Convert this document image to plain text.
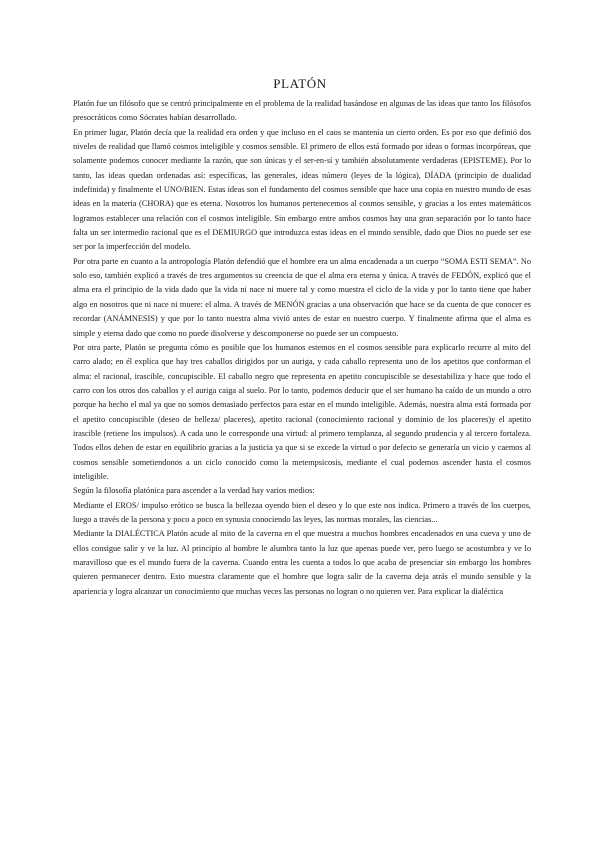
PLATÓN

Platón fue un filósofo que se centró principalmente en el problema de la realidad basándose en algunas de las ideas que tanto los filósofos presocráticos como Sócrates habían desarrollado.

En primer lugar, Platón decía que la realidad era orden y que incluso en el caos se mantenía un cierto orden. Es por eso que definió dos niveles de realidad que llamó cosmos inteligible y cosmos sensible. El primero de ellos está formado por ideas o formas incorpóreas, que solamente podemos conocer mediante la razón, que son únicas y el ser-en-sí y también absolutamente verdaderas (EPISTEME). Por lo tanto, las ideas quedan ordenadas así: específicas, las generales, ideas número (leyes de la lógica), DÍADA (principio de dualidad indefinida) y finalmente el UNO/BIEN. Estas ideas son el fundamento del cosmos sensible que hace una copia en nuestro mundo de esas ideas en la materia (CHORA) que es eterna. Nosotros los humanos pertenecemos al cosmos sensible, y gracias a los entes matemáticos logramos establecer una relación con el cosmos inteligible. Sin embargo entre ambos cosmos hay una gran separación por lo tanto hace falta un ser intermedio racional que es el DEMIURGO que introduzca estas ideas en el mundo sensible, dado que Dios no puede ser ese ser por la imperfección del modelo.

Por otra parte en cuanto a la antropología Platón defendió que el hombre era un alma encadenada a un cuerpo “SOMA ESTI SEMA”. No solo eso, también explicó a través de tres argumentos su creencia de que el alma era eterna y única. A través de FEDÓN, explicó que el alma era el principio de la vida dado que la vida ni nace ni muere tal y como muestra el ciclo de la vida y por lo tanto tiene que haber algo en nosotros que ni nace ni muere: el alma. A través de MENÓN gracias a una observación que hace se da cuenta de que conocer es recordar (ANÁMNESIS) y que por lo tanto nuestra alma vivió antes de estar en nuestro cuerpo. Y finalmente afirma que el alma es simple y eterna dado que como no puede disolverse y descomponerse no puede ser un compuesto.

Por otra parte, Platón se pregunta cómo es posible que los humanos estemos en el cosmos sensible para explicarlo recurre al mito del carro alado; en él explica que hay tres caballos dirigidos por un auriga, y cada caballo representa uno de los apetitos que conforman el alma: el racional, irascible, concupiscible. El caballo negro que representa en apetito concupiscible se desestabiliza y hace que todo el carro con los otros dos caballos y el auriga caiga al suelo. Por lo tanto, podemos deducir que el ser humano ha caído de un mundo a otro porque ha hecho el mal ya que no somos demasiado perfectos para estar en el mundo inteligible. Además, nuestra alma está formada por el apetito concupiscible (deseo de belleza/ placeres), apetito racional (conocimiento racional y dominio de los placeres)y el apetito irascible (retiene los impulsos). A cada uno le corresponde una virtud: al primero templanza, al segundo prudencia y al tercero fortaleza. Todos ellos deben de estar en equilibrio gracias a la justicia ya que si se excede la virtud o por defecto se generaría un vicio y caemos al cosmos sensible sometiendonos a un ciclo conocido como la metempsicosis, mediante el cual podemos ascender hasta el cosmos inteligible.

Según la filosofía platónica para ascender a la verdad hay varios medios:

Mediante el EROS/ impulso erótico se busca la bellezaa oyendo bien el deseo y lo que este nos indica. Primero a través de los cuerpos, luego a través de la persona y poco a poco en synusia conociendo las leyes, las normas morales, las ciencias...

Mediante la DIALÉCTICA Platón acude al mito de la caverna en el que muestra a muchos hombres encadenados en una cueva y uno de ellos consigue salir y ve la luz. Al principio al hombre le alumbra tanto la luz que apenas puede ver, pero luego se acostumbra y ve lo maravilloso que es el mundo fuera de la caverna. Cuando entra les cuenta a todos lo que acaba de presenciar sin embargo los hombres quieren permanecer dentro. Esto muestra claramente que el hombre que logra salir de la caverna deja atrás el mundo sensible y la apariencia y logra alcanzar un conocimiento que muchas veces las personas no logran o no quieren ver. Para explicar la dialéctica
